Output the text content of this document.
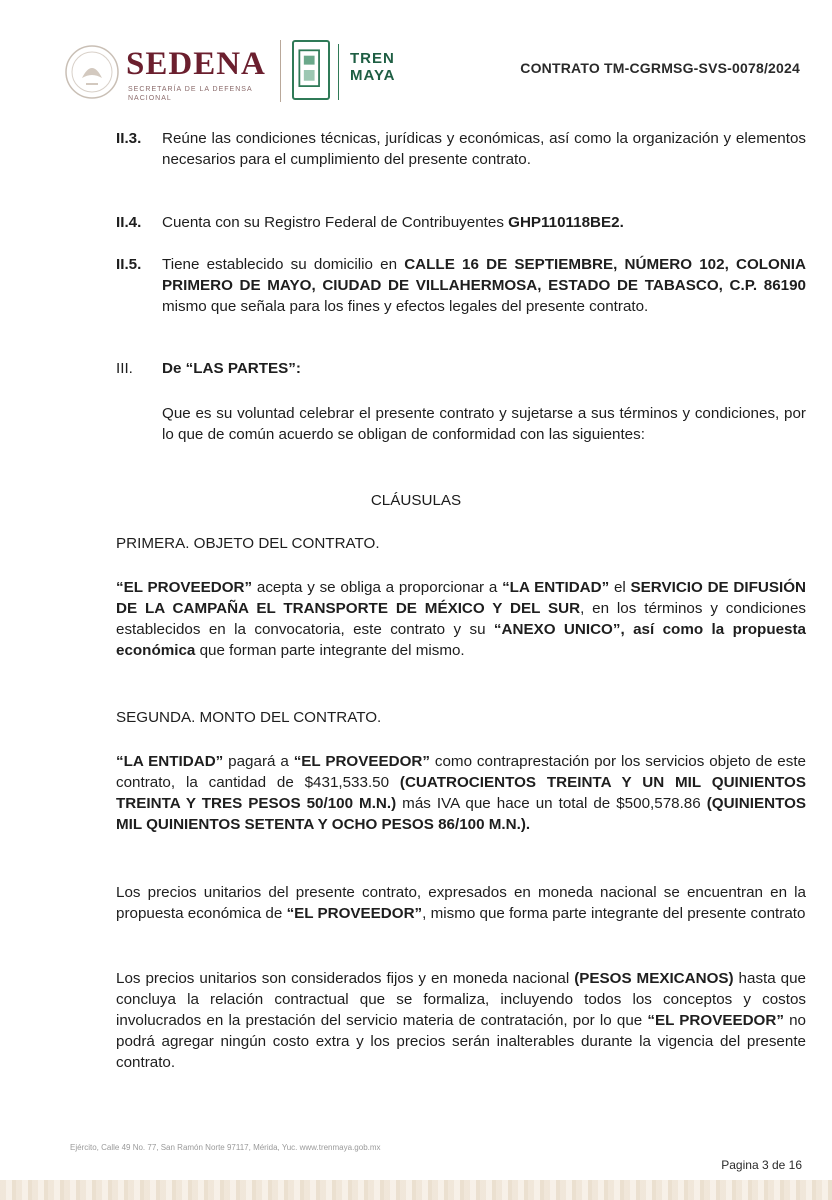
SEDENA
SECRETARÍA DE LA DEFENSA NACIONAL
TREN MAYA	CONTRATO TM-CGRMSG-SVS-0078/2024
II.3. Reúne las condiciones técnicas, jurídicas y económicas, así como la organización y elementos necesarios para el cumplimiento del presente contrato.
II.4. Cuenta con su Registro Federal de Contribuyentes GHP110118BE2.
II.5. Tiene establecido su domicilio en CALLE 16 DE SEPTIEMBRE, NÚMERO 102, COLONIA PRIMERO DE MAYO, CIUDAD DE VILLAHERMOSA, ESTADO DE TABASCO, C.P. 86190 mismo que señala para los fines y efectos legales del presente contrato.
III. De “LAS PARTES”:
Que es su voluntad celebrar el presente contrato y sujetarse a sus términos y condiciones, por lo que de común acuerdo se obligan de conformidad con las siguientes:
CLÁUSULAS
PRIMERA. OBJETO DEL CONTRATO.
“EL PROVEEDOR” acepta y se obliga a proporcionar a “LA ENTIDAD” el SERVICIO DE DIFUSIÓN DE LA CAMPAÑA EL TRANSPORTE DE MÉXICO Y DEL SUR, en los términos y condiciones establecidos en la convocatoria, este contrato y su “ANEXO UNICO”, así como la propuesta económica que forman parte integrante del mismo.
SEGUNDA. MONTO DEL CONTRATO.
“LA ENTIDAD” pagará a “EL PROVEEDOR” como contraprestación por los servicios objeto de este contrato, la cantidad de $431,533.50 (CUATROCIENTOS TREINTA Y UN MIL QUINIENTOS TREINTA Y TRES PESOS 50/100 M.N.) más IVA que hace un total de $500,578.86 (QUINIENTOS MIL QUINIENTOS SETENTA Y OCHO PESOS 86/100 M.N.).
Los precios unitarios del presente contrato, expresados en moneda nacional se encuentran en la propuesta económica de “EL PROVEEDOR”, mismo que forma parte integrante del presente contrato
Los precios unitarios son considerados fijos y en moneda nacional (PESOS MEXICANOS) hasta que concluya la relación contractual que se formaliza, incluyendo todos los conceptos y costos involucrados en la prestación del servicio materia de contratación, por lo que “EL PROVEEDOR” no podrá agregar ningún costo extra y los precios serán inalterables durante la vigencia del presente contrato.
Ejército, Calle 49 No. 77, San Ramón Norte 97117, Mérida, Yuc. www.trenmaya.gob.mx
Pagina 3 de 16
